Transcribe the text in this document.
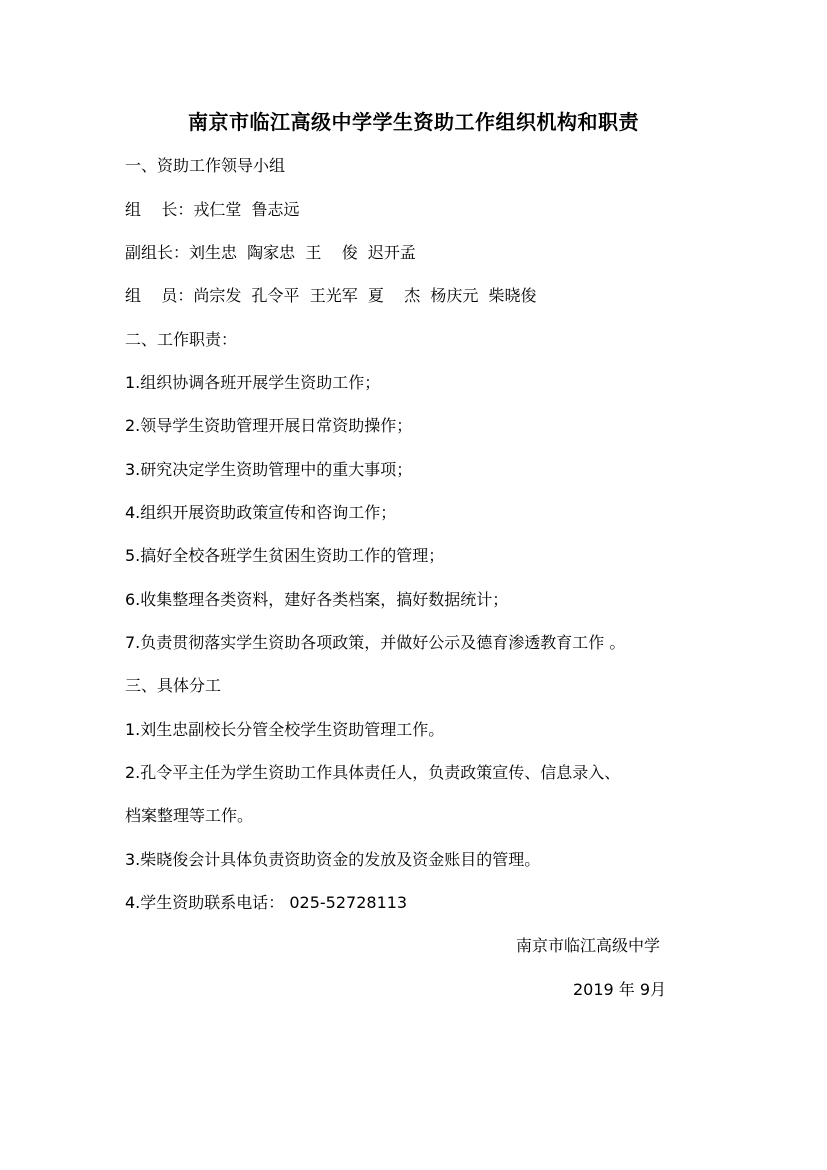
南京市临江高级中学学生资助工作组织机构和职责
一、资助工作领导小组
组    长：戎仁堂  鲁志远
副组长：刘生忠  陶家忠  王    俊  迟开孟
组    员：尚宗发  孔令平  王光军  夏    杰  杨庆元  柴晓俊
二、工作职责：
1.组织协调各班开展学生资助工作；
2.领导学生资助管理开展日常资助操作；
3.研究决定学生资助管理中的重大事项；
4.组织开展资助政策宣传和咨询工作；
5.搞好全校各班学生贫困生资助工作的管理；
6.收集整理各类资料，建好各类档案，搞好数据统计；
7.负责贯彻落实学生资助各项政策，并做好公示及德育渗透教育工作 。
三、具体分工
1.刘生忠副校长分管全校学生资助管理工作。
2.孔令平主任为学生资助工作具体责任人，负责政策宣传、信息录入、
档案整理等工作。
3.柴晓俊会计具体负责资助资金的发放及资金账目的管理。
4.学生资助联系电话： 025-52728113
南京市临江高级中学
2019 年 9月
